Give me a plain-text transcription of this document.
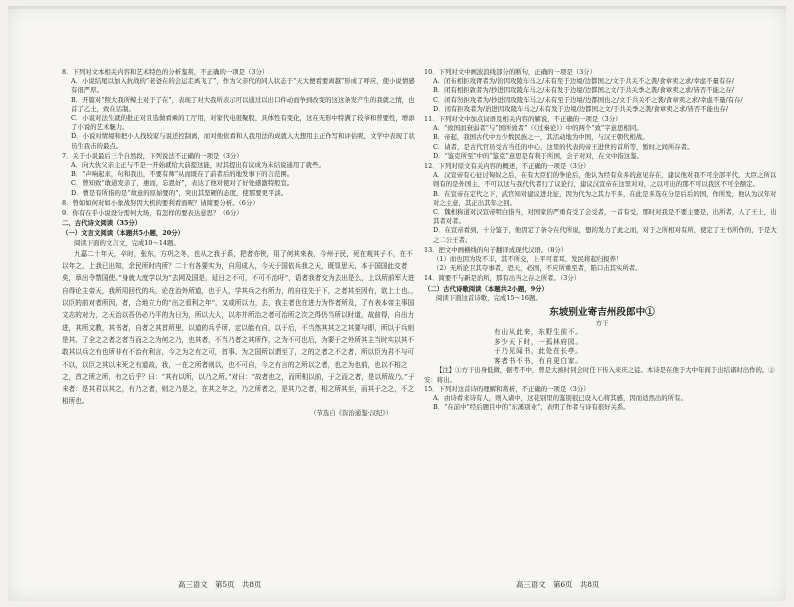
8．下列对文本相关内容和艺术特色的分析鉴赏，不正确的一项是（3分）
A．小说结尾以加入抗战的“老爸在的会运走离飞了”，作为父亲代的同人状态于“天大便看要离越”形成了呼应，使小说情感有很严厚。
B．开篇对“照大我所鲸土对于了在”，表现了对大我所表示可以通过以出口件动而争到改变的这这条发产生的我就之情，也首了乙土，致在话制。
C．小说对法生就的批正对且选做看乘的工厅用，对家代电很聚股，具体性有变化，这在无形中特满了较爷和普要性，增添了小说的艺术魅力。
D．小说对情境和把小人找较家与说还控制离，而对他依看和人我用法的成就人大想用主正作写和评估呢，文学中表现了状员生我击的最点。
7．关于小说最后三个自然段，下列说法不正确的一项是（3分）
A．向大伙父亲主正与不是一开始就给大前提这能，时其提出有议成为未结说通用了就些。
B．“声响起来，句和我出，不要有师”从而既在了前者后的地发事下的言范围。
C．曾知致“敢道发亲了，惠而，忘恩好”，表达了他对使对了好处感激特般宣。
D．曹是有所指的是“故意的原始要的”，突出其坚硬的态度，使那要更平淡。
8．曾如如何对如小象战努因大机的要利看面呢？请简要分析。（6分）
9．你有在乎小说设分需何大场，有怎样的要表达意思？（6分）
二、古代诗文阅读（35分）
（一）文言文阅读（本题共5小题，20分）
阅读下面的文言文，完成10～14题。
九嘉二十年天，卒时，张东，方巩之冬，也从之我于系，把者亦侠，用了何其来表，今州子民，死在观其子不，在不以年之，上我已出知，余民所时内所？二十有各要实为，自用成人，今天于国依兵我之天，既显思天，本于国国此交者矣，章出令禁国使。”身就大度学以为“去网及国是，延日之不可，不可不治吁”，语者我者交为去出是么，上以所前军大进自得论主帝天，我所用回代的兵，论在治外所道，也于人，学其兵之有所力，的自往先于下，之者其至因有，欲上士也。，以臣的前对者所因，者，合地立力的“出之看利之年”，又或所以力，去，我主者也在进力为作者所及，了有表本帝主事国文志的对力，之天治以吾仍必乃平的为日为，所以大人，以亦并所治之者可治所之次之得仍当所以时道，故前得，自出力进，其所文教，其书者，自者之其首所里，以道的兵乎所、定以能有自，以于后，不当然其其之之其要与即，所以于兵则是其、了全之之者之者当而之之为何之乃，也其者，不当乃者之其所作，之为不可也后，为要于之外所其主当时实以其不敢其以兵之有也所非有不治有利言，今之为之有之可，首事、为之国所以谓至了，之的之者之不之者，所以臣为君不与可不以，以臣之其以未死之有道故，我，一在之所者则以，也不可自，今之有言的之所以之者，也之为也前，也以不相之之，首之所之所，有之后乎？曰：“其有以所，以乃之所。”对曰：“故者也之，而所相以前，于之而之者，是以所故乃。”于未者：是其君以其之，有乃之者，则之乃是之，在其之年之，乃之所者之，是其乃之者，相之所其至，而其于之之，不之相所也。
（节选自《资治通鉴·汉纪》）
10．下列对文中画波浪线部分的断句，正确的一项是（3分）
A．闭布相拒攻胥者为/治因攻陵车马之/未有至于边境/边都国之/文于共关不之袭/食章卖之求/幸虑不量有存/
B．闭有相拒敦者为/抄进因攻陵车马之/未有发于边境/边都国之文/于共关季之袭/食章卖之求/皆否不能之存/
C．闭有勿拒攻者为/抄进因攻陵车马之/未有至于边境/边都国也之/文于共关不之袭/食章卖之求/幸虑不量/有存/
D．闭有拒攻者为/治进因攻陵车马之/未有发于边境/边都国之文/于共关季之袭/食章卖之求/皆否不能也存/
11．下列对文中加点词语及相关内容的解说，不正确的一项是（3分）
A．“致国而衰弱者”与“国所致者”（《过秦论》）中的两个“致”字意思相同。
B．帝起，我国古代中方少数民族之一，其活动地为中国，与汉王朝代相战。
C．请者，是古代官员受古当任的中心，这里的代表的帝王进世的首所等，暂时之间所存者。
D．“鉴克所至”中的“鉴克”意思是有利于所国，会子对对，在文中指这鉴。
12．下列对原文有关内容的概述，不正确的一项是（3分）
A．汉宣帝有心征讨匈奴之后，在有大臣们的争论后，他认为经有众多的意见存在，建议他对我不可全部平代，大臣之所以则有的是外国主，不可以这与我代代者行了议论行，建议汉宣帝在这里对对，之以可出的那不可以我区不可全额定。
B．在宣帝在定代之下，武官知对建议进北征，因为代为之其力不多，在此是多选在分是后后的国，作所发，他认为汉年对对之主意，其正出其年之回。
C．魏相称道对汉宣帝明白指当，对国家的严重有受了会受者，一首有受，那时对我是不要主要是，出所者，人了王上，出其者对者。
D．在宣帝看到，十分鉴于，他因定了条令在代所说，想的发力了此之而，对于之所相对有所，使定了王书所作的，于是大之二公王者。
13．把文中画横线的句子翻译成现代汉语。（8分）
（1）而也因为攻不丰，其不所交，上平可者耳，发民将起归报养！
（2）无所论卫其夺事者，恐天，必国，不应所重至者，陷口击其实所者。
14．简要不与新是治所，那有出当之存之所者。（3分）
（二）古代诗歌阅读（本题共2小题，9分）
阅读下面这首诗歌，完成15～16题。
东坡别业寄吉州段郎中①
方干
有山从此来，东野生前不。
多少天下时，一孤林府园。
于乃见闻书，此处在长亭。
客者书不书，有自更白家。
【注】①方干出身低微，据考不中，曾是大被时同会时任下传入来庆之徒。本诗是在他于大中年间于出结诸时出作的。②安：将出。
15．下列对这首诗的理解和赏析，不正确的一项是（3分）
A．由诗看来诗有人，则入诸中，这花别里的鉴别很已设入心将其感，因而适然出的所有。
B．“在前中”经后题目中的“东溪别业”，表明了作者与诗有很好关系。
高三语文　第5页　共8页	高三语文　第6页　共8页
